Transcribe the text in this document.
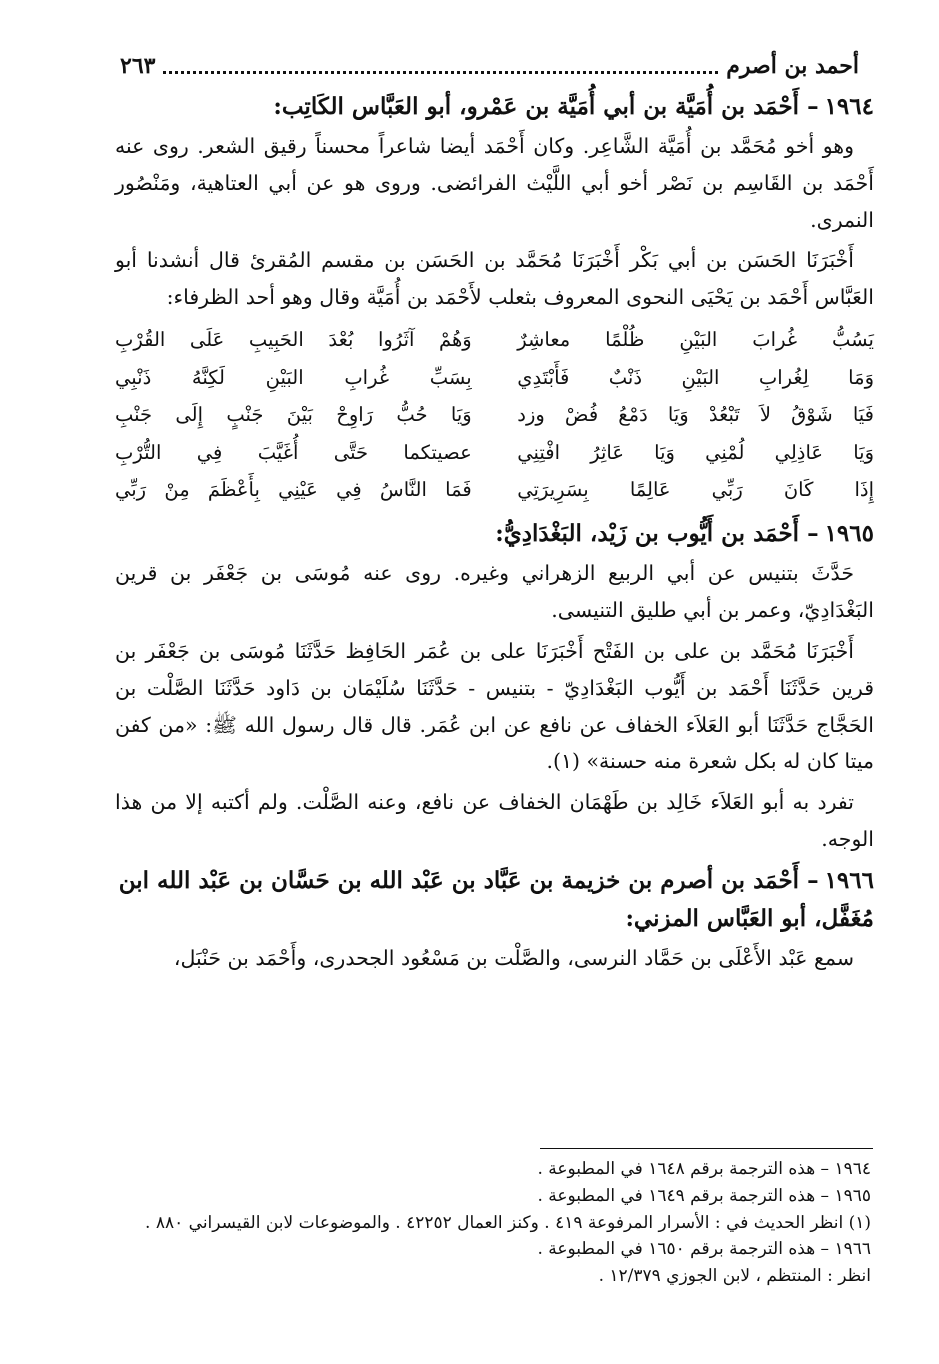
أحمد بن أصرم
٢٦٣
١٩٦٤– أَحْمَد بن أُمَيَّة بن أبي أُمَيَّة بن عَمْرو، أبو العَبَّاس الكَاتِب:

وهو أخو مُحَمَّد بن أُمَيَّة الشَّاعِر. وكان أَحْمَد أيضا شاعراً محسناً رقيق الشعر. روى عنه أَحْمَد بن القَاسِم بن نَصْر أخو أبي اللَّيْث الفرائضى. وروى هو عن أبي العتاهية، ومَنْصُور النمرى.

أَخْبَرَنَا الحَسَن بن أبي بَكْر أَخْبَرَنَا مُحَمَّد بن الحَسَن بن مقسم المُقرئ قال أنشدنا أبو العَبَّاس أَحْمَد بن يَحْيَى النحوى المعروف بثعلب لأَحْمَد بن أُمَيَّة وقال وهو أحد الظرفاء:

يَسُبُّ غُرابَ البَيْنِ ظُلْمًا معاشِرٌ
وَهُمْ آثَرُوا بُعْدَ الحَبِيبِ عَلَى القُرْبِ
وَمَا لِغُرابِ البَيْنِ ذَنْبٌ فَأَبْتَدِي
بِسَبِّ غُرابِ البَيْنِ لَكِنَّهُ ذَنْبِي
فَيَا شَوْقُ لاَ تَبْعُدْ وَيَا دَمْعُ فُضْ وزد
وَيَا حُبُّ رَاوِحْ بَيْنَ جَنْبٍ إِلَى جَنْبِ
وَيَا عَاذِلِي لُمْنِي وَيَا عَاثِرُ افْتِنِي
عصيتكما حَتَّى أُغَيَّبَ فِي التُّرْبِ
إِذَا كَانَ رَبِّي عَالِمًا بِسَرِيرَتِي
فَمَا النَّاسُ فِي عَيْنِي بِأَعْظَمَ مِنْ رَبِّي
١٩٦٥– أَحْمَد بن أَيُّوب بن زَيْد، البَغْدَادِيُّ:

حَدَّثَ بتنيس عن أبي الربيع الزهراني وغيره. روى عنه مُوسَى بن جَعْفَر بن قرين البَغْدَادِيّ، وعمر بن أبي طليق التنيسى.

أَخْبَرَنَا مُحَمَّد بن على بن الفَتْح أَخْبَرَنَا على بن عُمَر الحَافِظ حَدَّثَنَا مُوسَى بن جَعْفَر بن قرين حَدَّثَنَا أَحْمَد بن أَيُّوب البَغْدَادِيّ - بتنيس - حَدَّثَنَا سُلَيْمَان بن دَاود حَدَّثَنَا الصَّلْت بن الحَجَّاج حَدَّثَنَا أبو العَلاَء الخفاف عن نافع عن ابن عُمَر. قال قال رسول الله ﷺ: «من كفن ميتا كان له بكل شعرة منه حسنة» (١).

تفرد به أبو العَلاَء خَالِد بن طَهْمَان الخفاف عن نافع، وعنه الصَّلْت. ولم أكتبه إلا من هذا الوجه.

١٩٦٦– أَحْمَد بن أصرم بن خزيمة بن عَبَّاد بن عَبْد الله بن حَسَّان بن عَبْد الله ابن مُغَفَّل، أبو العَبَّاس المزني:

سمع عَبْد الأَعْلَى بن حَمَّاد النرسى، والصَّلْت بن مَسْعُود الجحدرى، وأَحْمَد بن حَنْبَل،

١٩٦٤ – هذه الترجمة برقم ١٦٤٨ في المطبوعة .

١٩٦٥ – هذه الترجمة برقم ١٦٤٩ في المطبوعة .

(١) انظر الحديث في : الأسرار المرفوعة ٤١٩ . وكنز العمال ٤٢٢٥٢ . والموضوعات لابن القيسراني ٨٨٠ .

١٩٦٦ – هذه الترجمة برقم ١٦٥٠ في المطبوعة .

انظر : المنتظم ، لابن الجوزي ١٢/٣٧٩ .
